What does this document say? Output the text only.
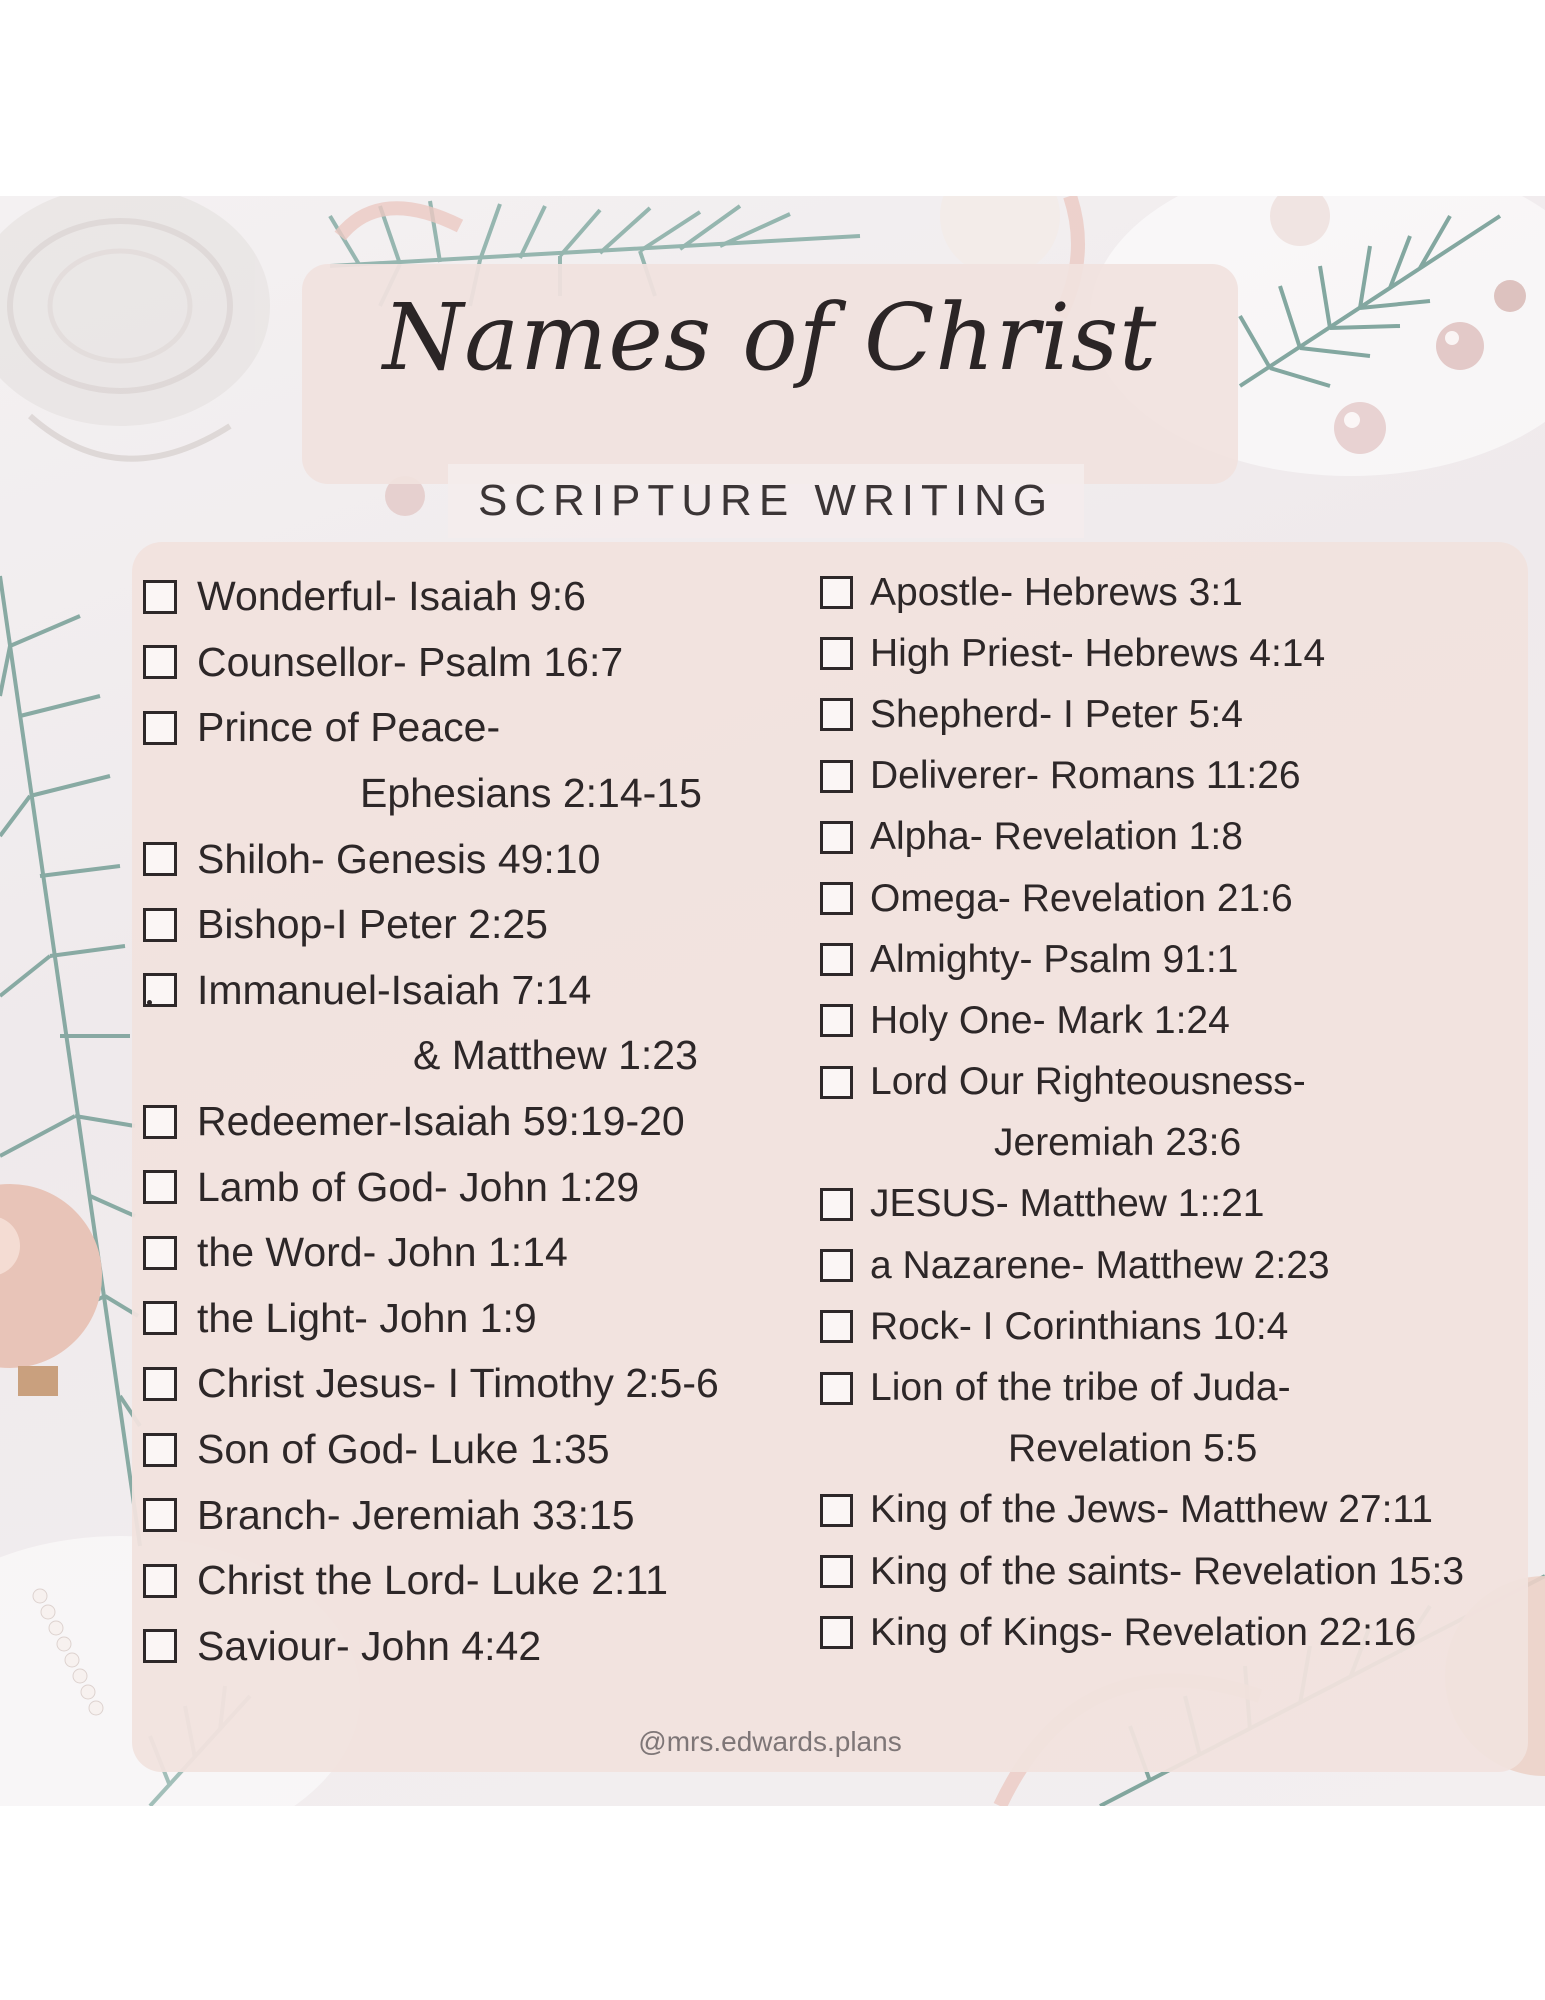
Names of Christ
SCRIPTURE WRITING
Wonderful- Isaiah 9:6
Counsellor- Psalm 16:7
Prince of Peace-
Ephesians 2:14-15
Shiloh- Genesis 49:10
Bishop-I Peter 2:25
Immanuel-Isaiah 7:14
& Matthew 1:23
Redeemer-Isaiah 59:19-20
Lamb of God- John 1:29
the Word- John 1:14
the Light- John 1:9
Christ Jesus- I Timothy 2:5-6
Son of God- Luke 1:35
Branch- Jeremiah 33:15
Christ the Lord- Luke 2:11
Saviour- John 4:42
Apostle- Hebrews 3:1
High Priest- Hebrews 4:14
Shepherd- I Peter 5:4
Deliverer- Romans 11:26
Alpha- Revelation 1:8
Omega- Revelation 21:6
Almighty- Psalm 91:1
Holy One- Mark 1:24
Lord Our Righteousness-
Jeremiah 23:6
JESUS- Matthew 1::21
a Nazarene- Matthew 2:23
Rock- I Corinthians 10:4
Lion of the tribe of Juda-
Revelation 5:5
King of the Jews- Matthew 27:11
King of the saints- Revelation 15:3
King of Kings- Revelation 22:16
@mrs.edwards.plans
